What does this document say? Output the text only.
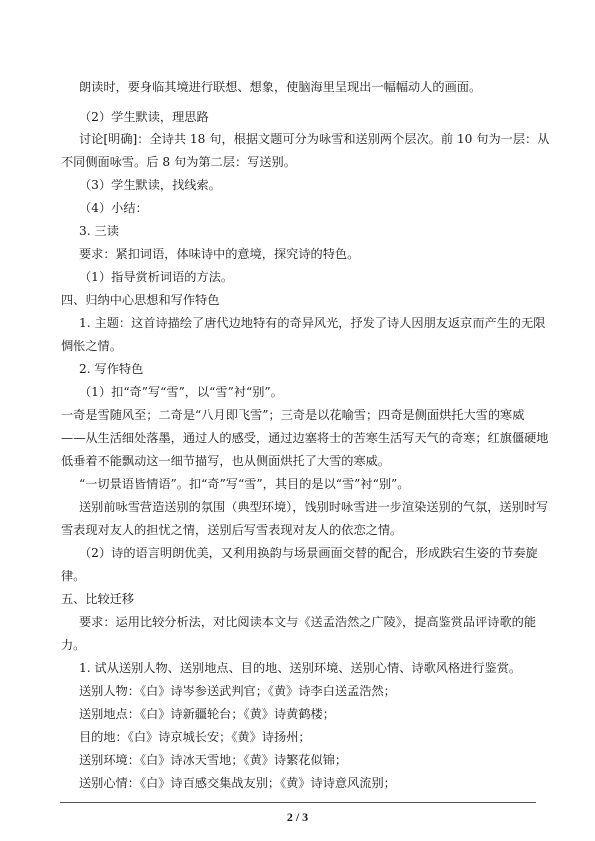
朗读时，要身临其境进行联想、想象，使脑海里呈现出一幅幅动人的画面。
（2）学生默读，理思路
讨论[明确]：全诗共 18 句，根据文题可分为咏雪和送别两个层次。前 10 句为一层：从
不同侧面咏雪。后 8 句为第二层：写送别。
（3）学生默读，找线索。
（4）小结：
3. 三读
要求：紧扣词语，体味诗中的意境，探究诗的特色。
（1）指导赏析词语的方法。
四、归纳中心思想和写作特色
1. 主题：这首诗描绘了唐代边地特有的奇异风光，抒发了诗人因朋友返京而产生的无限
惆怅之情。
2. 写作特色
（1）扣“奇”写“雪”，以“雪”衬“别”。
一奇是雪随风至；二奇是“八月即飞雪”；三奇是以花喻雪；四奇是侧面烘托大雪的寒威
——从生活细处落墨，通过人的感受，通过边塞将士的苦寒生活写天气的奇寒；红旗僵硬地
低垂着不能飘动这一细节描写，也从侧面烘托了大雪的寒威。
“一切景语皆情语”。扣“奇”写“雪”，其目的是以“雪”衬“别”。
送别前咏雪营造送别的氛围（典型环境），饯别时咏雪进一步渲染送别的气氛，送别时写
雪表现对友人的担忧之情，送别后写雪表现对友人的依恋之情。
（2）诗的语言明朗优美，又利用换韵与场景画面交替的配合，形成跌宕生姿的节奏旋
律。
五、比较迁移
要求：运用比较分析法，对比阅读本文与《送孟浩然之广陵》，提高鉴赏品评诗歌的能
力。
1. 试从送别人物、送别地点、目的地、送别环境、送别心情、诗歌风格进行鉴赏。
送别人物：《白》诗岑参送武判官；《黄》诗李白送孟浩然；
送别地点：《白》诗新疆轮台；《黄》诗黄鹤楼；
目的地：《白》诗京城长安；《黄》诗扬州；
送别环境：《白》诗冰天雪地；《黄》诗繁花似锦；
送别心情：《白》诗百感交集战友别；《黄》诗诗意风流别；
2 / 3
